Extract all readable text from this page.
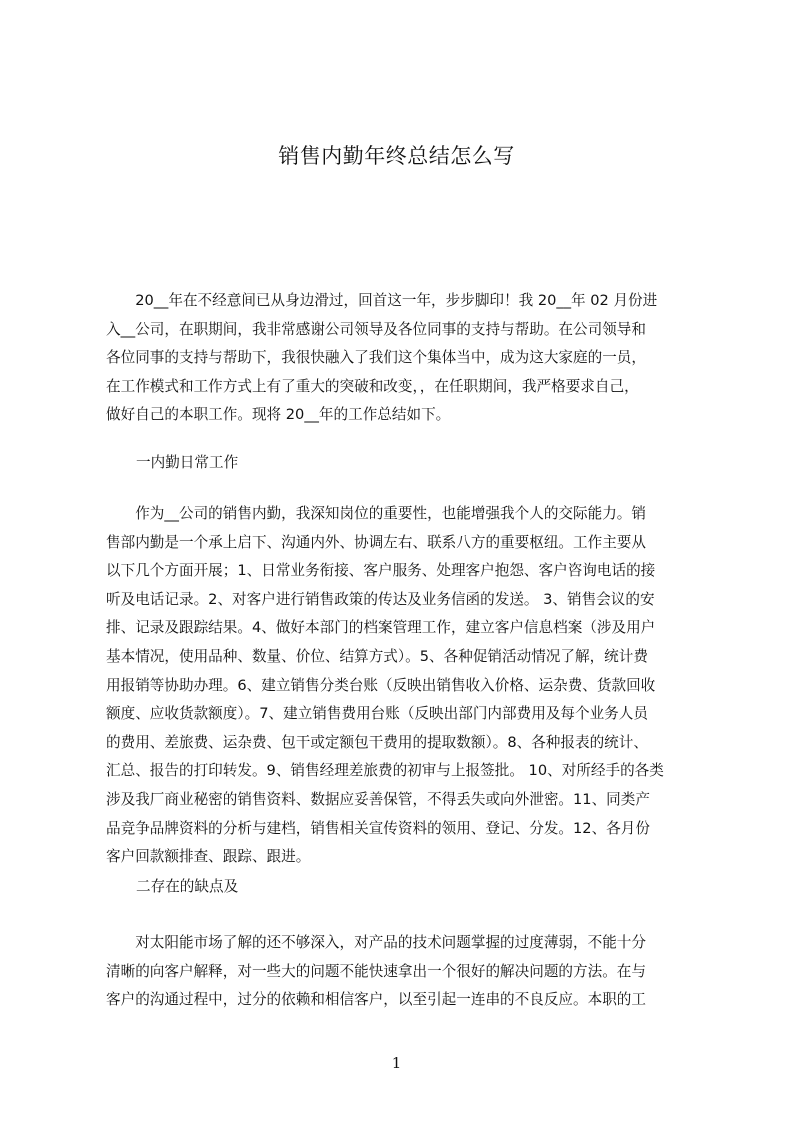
销售内勤年终总结怎么写
　　20__年在不经意间已从身边滑过，回首这一年，步步脚印！我 20__年 02 月份进
入__公司，在职期间，我非常感谢公司领导及各位同事的支持与帮助。在公司领导和
各位同事的支持与帮助下，我很快融入了我们这个集体当中，成为这大家庭的一员，
在工作模式和工作方式上有了重大的突破和改变，，在任职期间，我严格要求自己，
做好自己的本职工作。现将 20__年的工作总结如下。
一内勤日常工作
　　作为__公司的销售内勤，我深知岗位的重要性，也能增强我个人的交际能力。销
售部内勤是一个承上启下、沟通内外、协调左右、联系八方的重要枢纽。工作主要从
以下几个方面开展；1、日常业务衔接、客户服务、处理客户抱怨、客户咨询电话的接
听及电话记录。2、对客户进行销售政策的传达及业务信函的发送。 3、销售会议的安
排、记录及跟踪结果。4、做好本部门的档案管理工作，建立客户信息档案（涉及用户
基本情况，使用品种、数量、价位、结算方式）。5、各种促销活动情况了解，统计费
用报销等协助办理。6、建立销售分类台账（反映出销售收入价格、运杂费、货款回收
额度、应收货款额度）。7、建立销售费用台账（反映出部门内部费用及每个业务人员
的费用、差旅费、运杂费、包干或定额包干费用的提取数额）。8、各种报表的统计、
汇总、报告的打印转发。9、销售经理差旅费的初审与上报签批。 10、对所经手的各类
涉及我厂商业秘密的销售资料、数据应妥善保管，不得丢失或向外泄密。11、同类产
品竞争品牌资料的分析与建档，销售相关宣传资料的领用、登记、分发。12、各月份
客户回款额排查、跟踪、跟进。
二存在的缺点及
　　对太阳能市场了解的还不够深入，对产品的技术问题掌握的过度薄弱，不能十分
清晰的向客户解释，对一些大的问题不能快速拿出一个很好的解决问题的方法。在与
客户的沟通过程中，过分的依赖和相信客户，以至引起一连串的不良反应。本职的工
1
